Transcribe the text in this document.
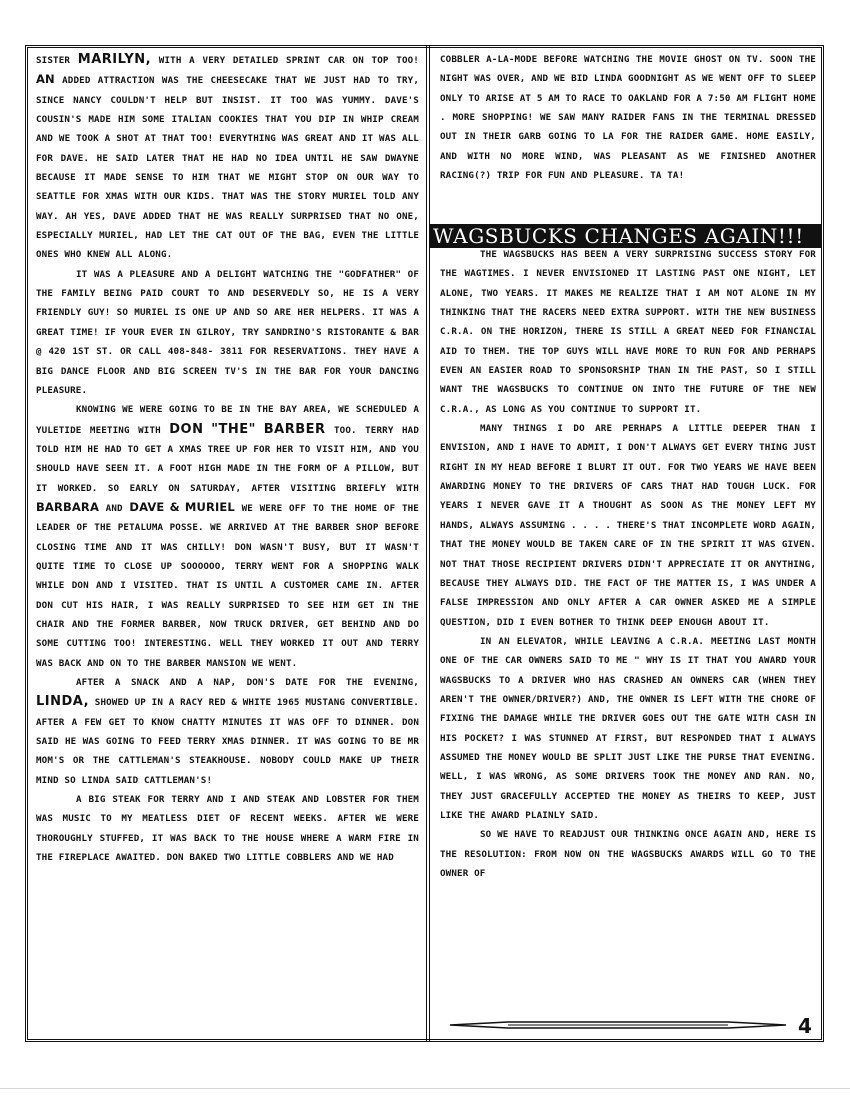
SISTER MARILYN, WITH A VERY DETAILED SPRINT CAR ON TOP TOO! AN ADDED ATTRACTION WAS THE CHEESECAKE THAT WE JUST HAD TO TRY, SINCE NANCY COULDN'T HELP BUT INSIST. IT TOO WAS YUMMY. DAVE'S COUSIN'S MADE HIM SOME ITALIAN COOKIES THAT YOU DIP IN WHIP CREAM AND WE TOOK A SHOT AT THAT TOO! EVERYTHING WAS GREAT AND IT WAS ALL FOR DAVE. HE SAID LATER THAT HE HAD NO IDEA UNTIL HE SAW DWAYNE BECAUSE IT MADE SENSE TO HIM THAT WE MIGHT STOP ON OUR WAY TO SEATTLE FOR XMAS WITH OUR KIDS. THAT WAS THE STORY MURIEL TOLD ANY WAY. AH YES, DAVE ADDED THAT HE WAS REALLY SURPRISED THAT NO ONE, ESPECIALLY MURIEL, HAD LET THE CAT OUT OF THE BAG, EVEN THE LITTLE ONES WHO KNEW ALL ALONG.

IT WAS A PLEASURE AND A DELIGHT WATCHING THE "GODFATHER" OF THE FAMILY BEING PAID COURT TO AND DESERVEDLY SO, HE IS A VERY FRIENDLY GUY! SO MURIEL IS ONE UP AND SO ARE HER HELPERS. IT WAS A GREAT TIME! IF YOUR EVER IN GILROY, TRY SANDRINO'S RISTORANTE & BAR @ 420 1ST ST. OR CALL 408-848- 3811 FOR RESERVATIONS. THEY HAVE A BIG DANCE FLOOR AND BIG SCREEN TV'S IN THE BAR FOR YOUR DANCING PLEASURE.

KNOWING WE WERE GOING TO BE IN THE BAY AREA, WE SCHEDULED A YULETIDE MEETING WITH DON "THE" BARBER TOO. TERRY HAD TOLD HIM HE HAD TO GET A XMAS TREE UP FOR HER TO VISIT HIM, AND YOU SHOULD HAVE SEEN IT. A FOOT HIGH MADE IN THE FORM OF A PILLOW, BUT IT WORKED. SO EARLY ON SATURDAY, AFTER VISITING BRIEFLY WITH BARBARA AND DAVE & MURIEL WE WERE OFF TO THE HOME OF THE LEADER OF THE PETALUMA POSSE. WE ARRIVED AT THE BARBER SHOP BEFORE CLOSING TIME AND IT WAS CHILLY! DON WASN'T BUSY, BUT IT WASN'T QUITE TIME TO CLOSE UP SOOOOOO, TERRY WENT FOR A SHOPPING WALK WHILE DON AND I VISITED. THAT IS UNTIL A CUSTOMER CAME IN. AFTER DON CUT HIS HAIR, I WAS REALLY SURPRISED TO SEE HIM GET IN THE CHAIR AND THE FORMER BARBER, NOW TRUCK DRIVER, GET BEHIND AND DO SOME CUTTING TOO! INTERESTING. WELL THEY WORKED IT OUT AND TERRY WAS BACK AND ON TO THE BARBER MANSION WE WENT.

AFTER A SNACK AND A NAP, DON'S DATE FOR THE EVENING, LINDA, SHOWED UP IN A RACY RED & WHITE 1965 MUSTANG CONVERTIBLE. AFTER A FEW GET TO KNOW CHATTY MINUTES IT WAS OFF TO DINNER. DON SAID HE WAS GOING TO FEED TERRY XMAS DINNER. IT WAS GOING TO BE MR MOM'S OR THE CATTLEMAN'S STEAKHOUSE. NOBODY COULD MAKE UP THEIR MIND SO LINDA SAID CATTLEMAN'S!

A BIG STEAK FOR TERRY AND I AND STEAK AND LOBSTER FOR THEM WAS MUSIC TO MY MEATLESS DIET OF RECENT WEEKS. AFTER WE WERE THOROUGHLY STUFFED, IT WAS BACK TO THE HOUSE WHERE A WARM FIRE IN THE FIREPLACE AWAITED. DON BAKED TWO LITTLE COBBLERS AND WE HAD

COBBLER A-LA-MODE BEFORE WATCHING THE MOVIE GHOST ON TV. SOON THE NIGHT WAS OVER, AND WE BID LINDA GOODNIGHT AS WE WENT OFF TO SLEEP ONLY TO ARISE AT 5 AM TO RACE TO OAKLAND FOR A 7:50 AM FLIGHT HOME . MORE SHOPPING! WE SAW MANY RAIDER FANS IN THE TERMINAL DRESSED OUT IN THEIR GARB GOING TO LA FOR THE RAIDER GAME. HOME EASILY, AND WITH NO MORE WIND, WAS PLEASANT AS WE FINISHED ANOTHER RACING(?) TRIP FOR FUN AND PLEASURE. TA TA!

WAGSBUCKS CHANGES AGAIN!!!

THE WAGSBUCKS HAS BEEN A VERY SURPRISING SUCCESS STORY FOR THE WAGTIMES. I NEVER ENVISIONED IT LASTING PAST ONE NIGHT, LET ALONE, TWO YEARS. IT MAKES ME REALIZE THAT I AM NOT ALONE IN MY THINKING THAT THE RACERS NEED EXTRA SUPPORT. WITH THE NEW BUSINESS C.R.A. ON THE HORIZON, THERE IS STILL A GREAT NEED FOR FINANCIAL AID TO THEM. THE TOP GUYS WILL HAVE MORE TO RUN FOR AND PERHAPS EVEN AN EASIER ROAD TO SPONSORSHIP THAN IN THE PAST, SO I STILL WANT THE WAGSBUCKS TO CONTINUE ON INTO THE FUTURE OF THE NEW C.R.A., AS LONG AS YOU CONTINUE TO SUPPORT IT.

MANY THINGS I DO ARE PERHAPS A LITTLE DEEPER THAN I ENVISION, AND I HAVE TO ADMIT, I DON'T ALWAYS GET EVERY THING JUST RIGHT IN MY HEAD BEFORE I BLURT IT OUT. FOR TWO YEARS WE HAVE BEEN AWARDING MONEY TO THE DRIVERS OF CARS THAT HAD TOUGH LUCK. FOR YEARS I NEVER GAVE IT A THOUGHT AS SOON AS THE MONEY LEFT MY HANDS, ALWAYS ASSUMING . . . . THERE'S THAT INCOMPLETE WORD AGAIN, THAT THE MONEY WOULD BE TAKEN CARE OF IN THE SPIRIT IT WAS GIVEN. NOT THAT THOSE RECIPIENT DRIVERS DIDN'T APPRECIATE IT OR ANYTHING, BECAUSE THEY ALWAYS DID. THE FACT OF THE MATTER IS, I WAS UNDER A FALSE IMPRESSION AND ONLY AFTER A CAR OWNER ASKED ME A SIMPLE QUESTION, DID I EVEN BOTHER TO THINK DEEP ENOUGH ABOUT IT.

IN AN ELEVATOR, WHILE LEAVING A C.R.A. MEETING LAST MONTH ONE OF THE CAR OWNERS SAID TO ME " WHY IS IT THAT YOU AWARD YOUR WAGSBUCKS TO A DRIVER WHO HAS CRASHED AN OWNERS CAR (WHEN THEY AREN'T THE OWNER/DRIVER?) AND, THE OWNER IS LEFT WITH THE CHORE OF FIXING THE DAMAGE WHILE THE DRIVER GOES OUT THE GATE WITH CASH IN HIS POCKET? I WAS STUNNED AT FIRST, BUT RESPONDED THAT I ALWAYS ASSUMED THE MONEY WOULD BE SPLIT JUST LIKE THE PURSE THAT EVENING. WELL, I WAS WRONG, AS SOME DRIVERS TOOK THE MONEY AND RAN. NO, THEY JUST GRACEFULLY ACCEPTED THE MONEY AS THEIRS TO KEEP, JUST LIKE THE AWARD PLAINLY SAID.

SO WE HAVE TO READJUST OUR THINKING ONCE AGAIN AND, HERE IS THE RESOLUTION: FROM NOW ON THE WAGSBUCKS AWARDS WILL GO TO THE OWNER OF

4
